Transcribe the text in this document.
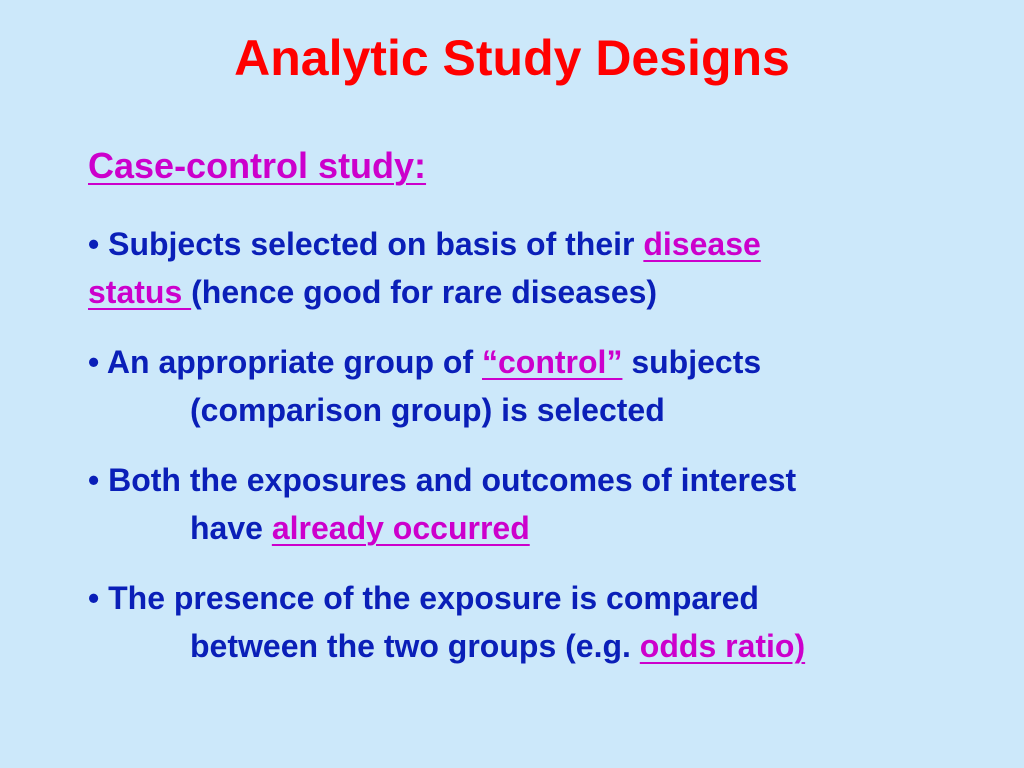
Analytic Study Designs
Case-control study:
• Subjects selected on basis of their disease
status (hence good for rare diseases)
• An appropriate group of “control” subjects
(comparison group) is selected
• Both the exposures and outcomes of interest
have already occurred
• The presence of the exposure is compared
between the two groups (e.g. odds ratio)
